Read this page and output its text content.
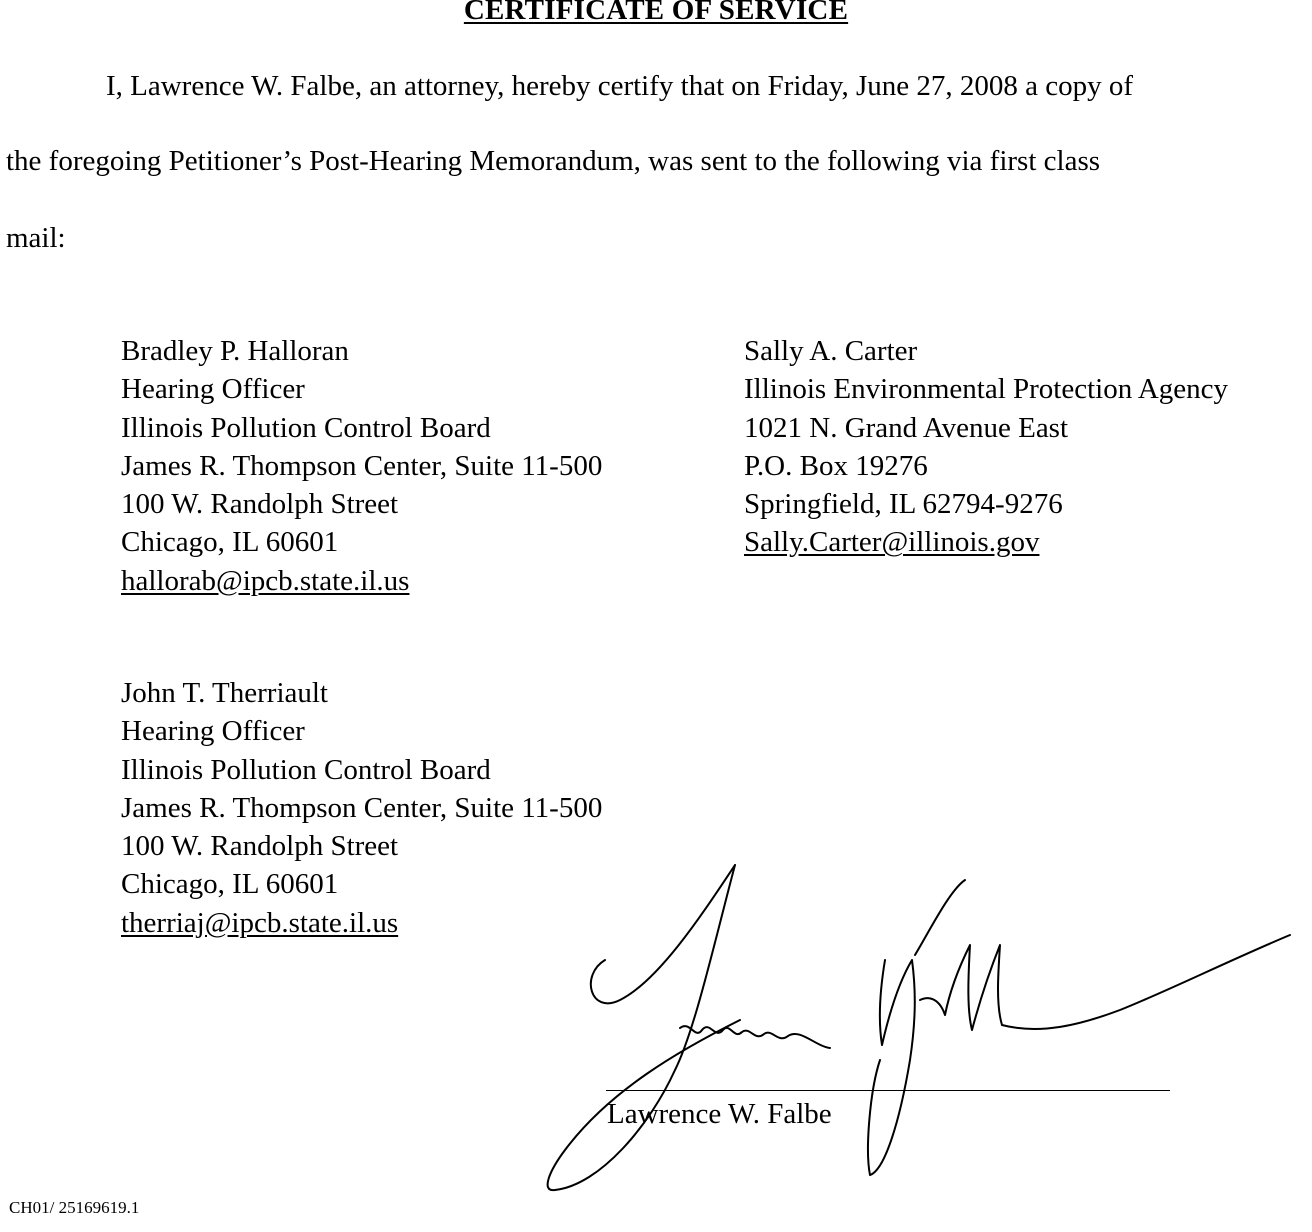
CERTIFICATE OF SERVICE

I, Lawrence W. Falbe, an attorney, hereby certify that on Friday, June 27, 2008 a copy of

the foregoing Petitioner’s Post-Hearing Memorandum, was sent to the following via first class

mail:

Bradley P. Halloran
Hearing Officer
Illinois Pollution Control Board
James R. Thompson Center, Suite 11-500
100 W. Randolph Street
Chicago, IL 60601
hallorab@ipcb.state.il.us
Sally A. Carter
Illinois Environmental Protection Agency
1021 N. Grand Avenue East
P.O. Box 19276
Springfield, IL 62794-9276
Sally.Carter@illinois.gov
John T. Therriault
Hearing Officer
Illinois Pollution Control Board
James R. Thompson Center, Suite 11-500
100 W. Randolph Street
Chicago, IL 60601
therriaj@ipcb.state.il.us

Lawrence W. Falbe

CH01/ 25169619.1
